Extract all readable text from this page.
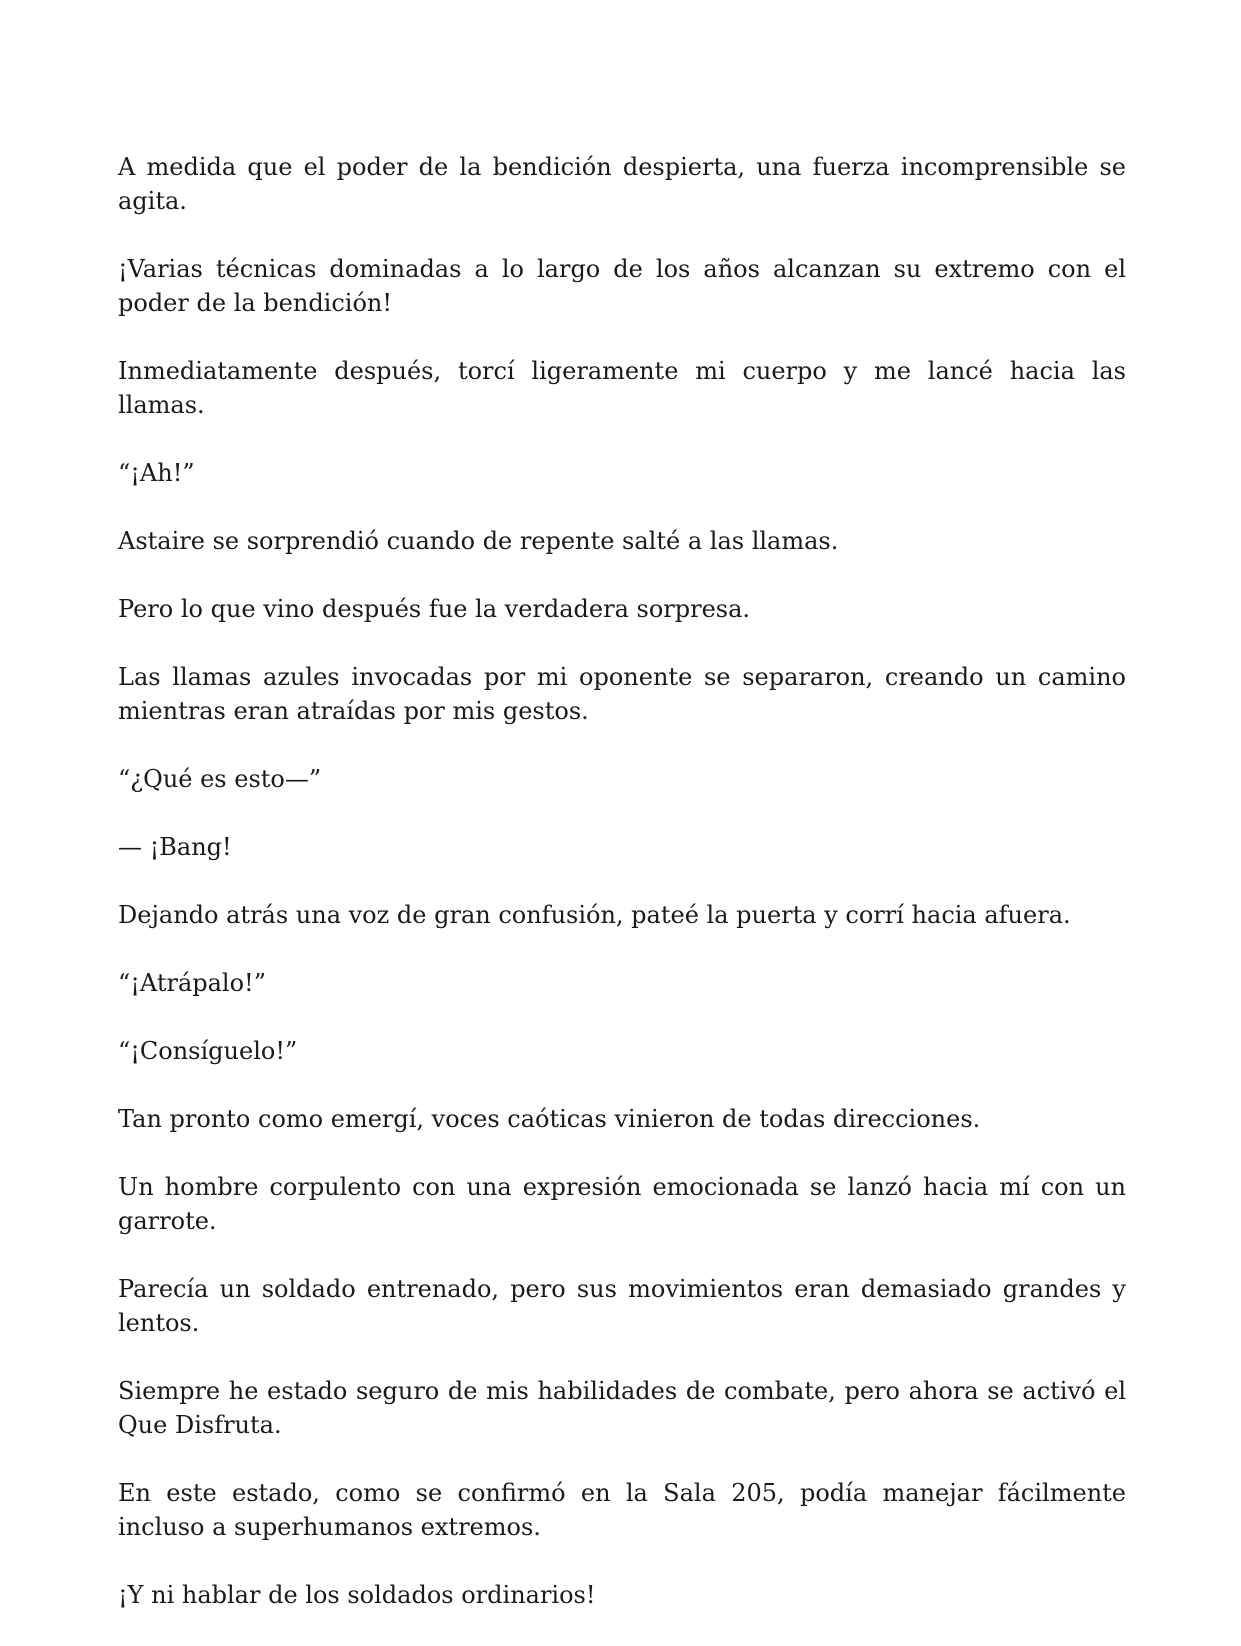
A medida que el poder de la bendición despierta, una fuerza incomprensible se agita.

¡Varias técnicas dominadas a lo largo de los años alcanzan su extremo con el poder de la bendición!

Inmediatamente después, torcí ligeramente mi cuerpo y me lancé hacia las llamas.

“¡Ah!”

Astaire se sorprendió cuando de repente salté a las llamas.

Pero lo que vino después fue la verdadera sorpresa.

Las llamas azules invocadas por mi oponente se separaron, creando un camino mientras eran atraídas por mis gestos.

“¿Qué es esto—”

— ¡Bang!

Dejando atrás una voz de gran confusión, pateé la puerta y corrí hacia afuera.

“¡Atrápalo!”

“¡Consíguelo!”

Tan pronto como emergí, voces caóticas vinieron de todas direcciones.

Un hombre corpulento con una expresión emocionada se lanzó hacia mí con un garrote.

Parecía un soldado entrenado, pero sus movimientos eran demasiado grandes y lentos.

Siempre he estado seguro de mis habilidades de combate, pero ahora se activó el Que Disfruta.

En este estado, como se confirmó en la Sala 205, podía manejar fácilmente incluso a superhumanos extremos.

¡Y ni hablar de los soldados ordinarios!
